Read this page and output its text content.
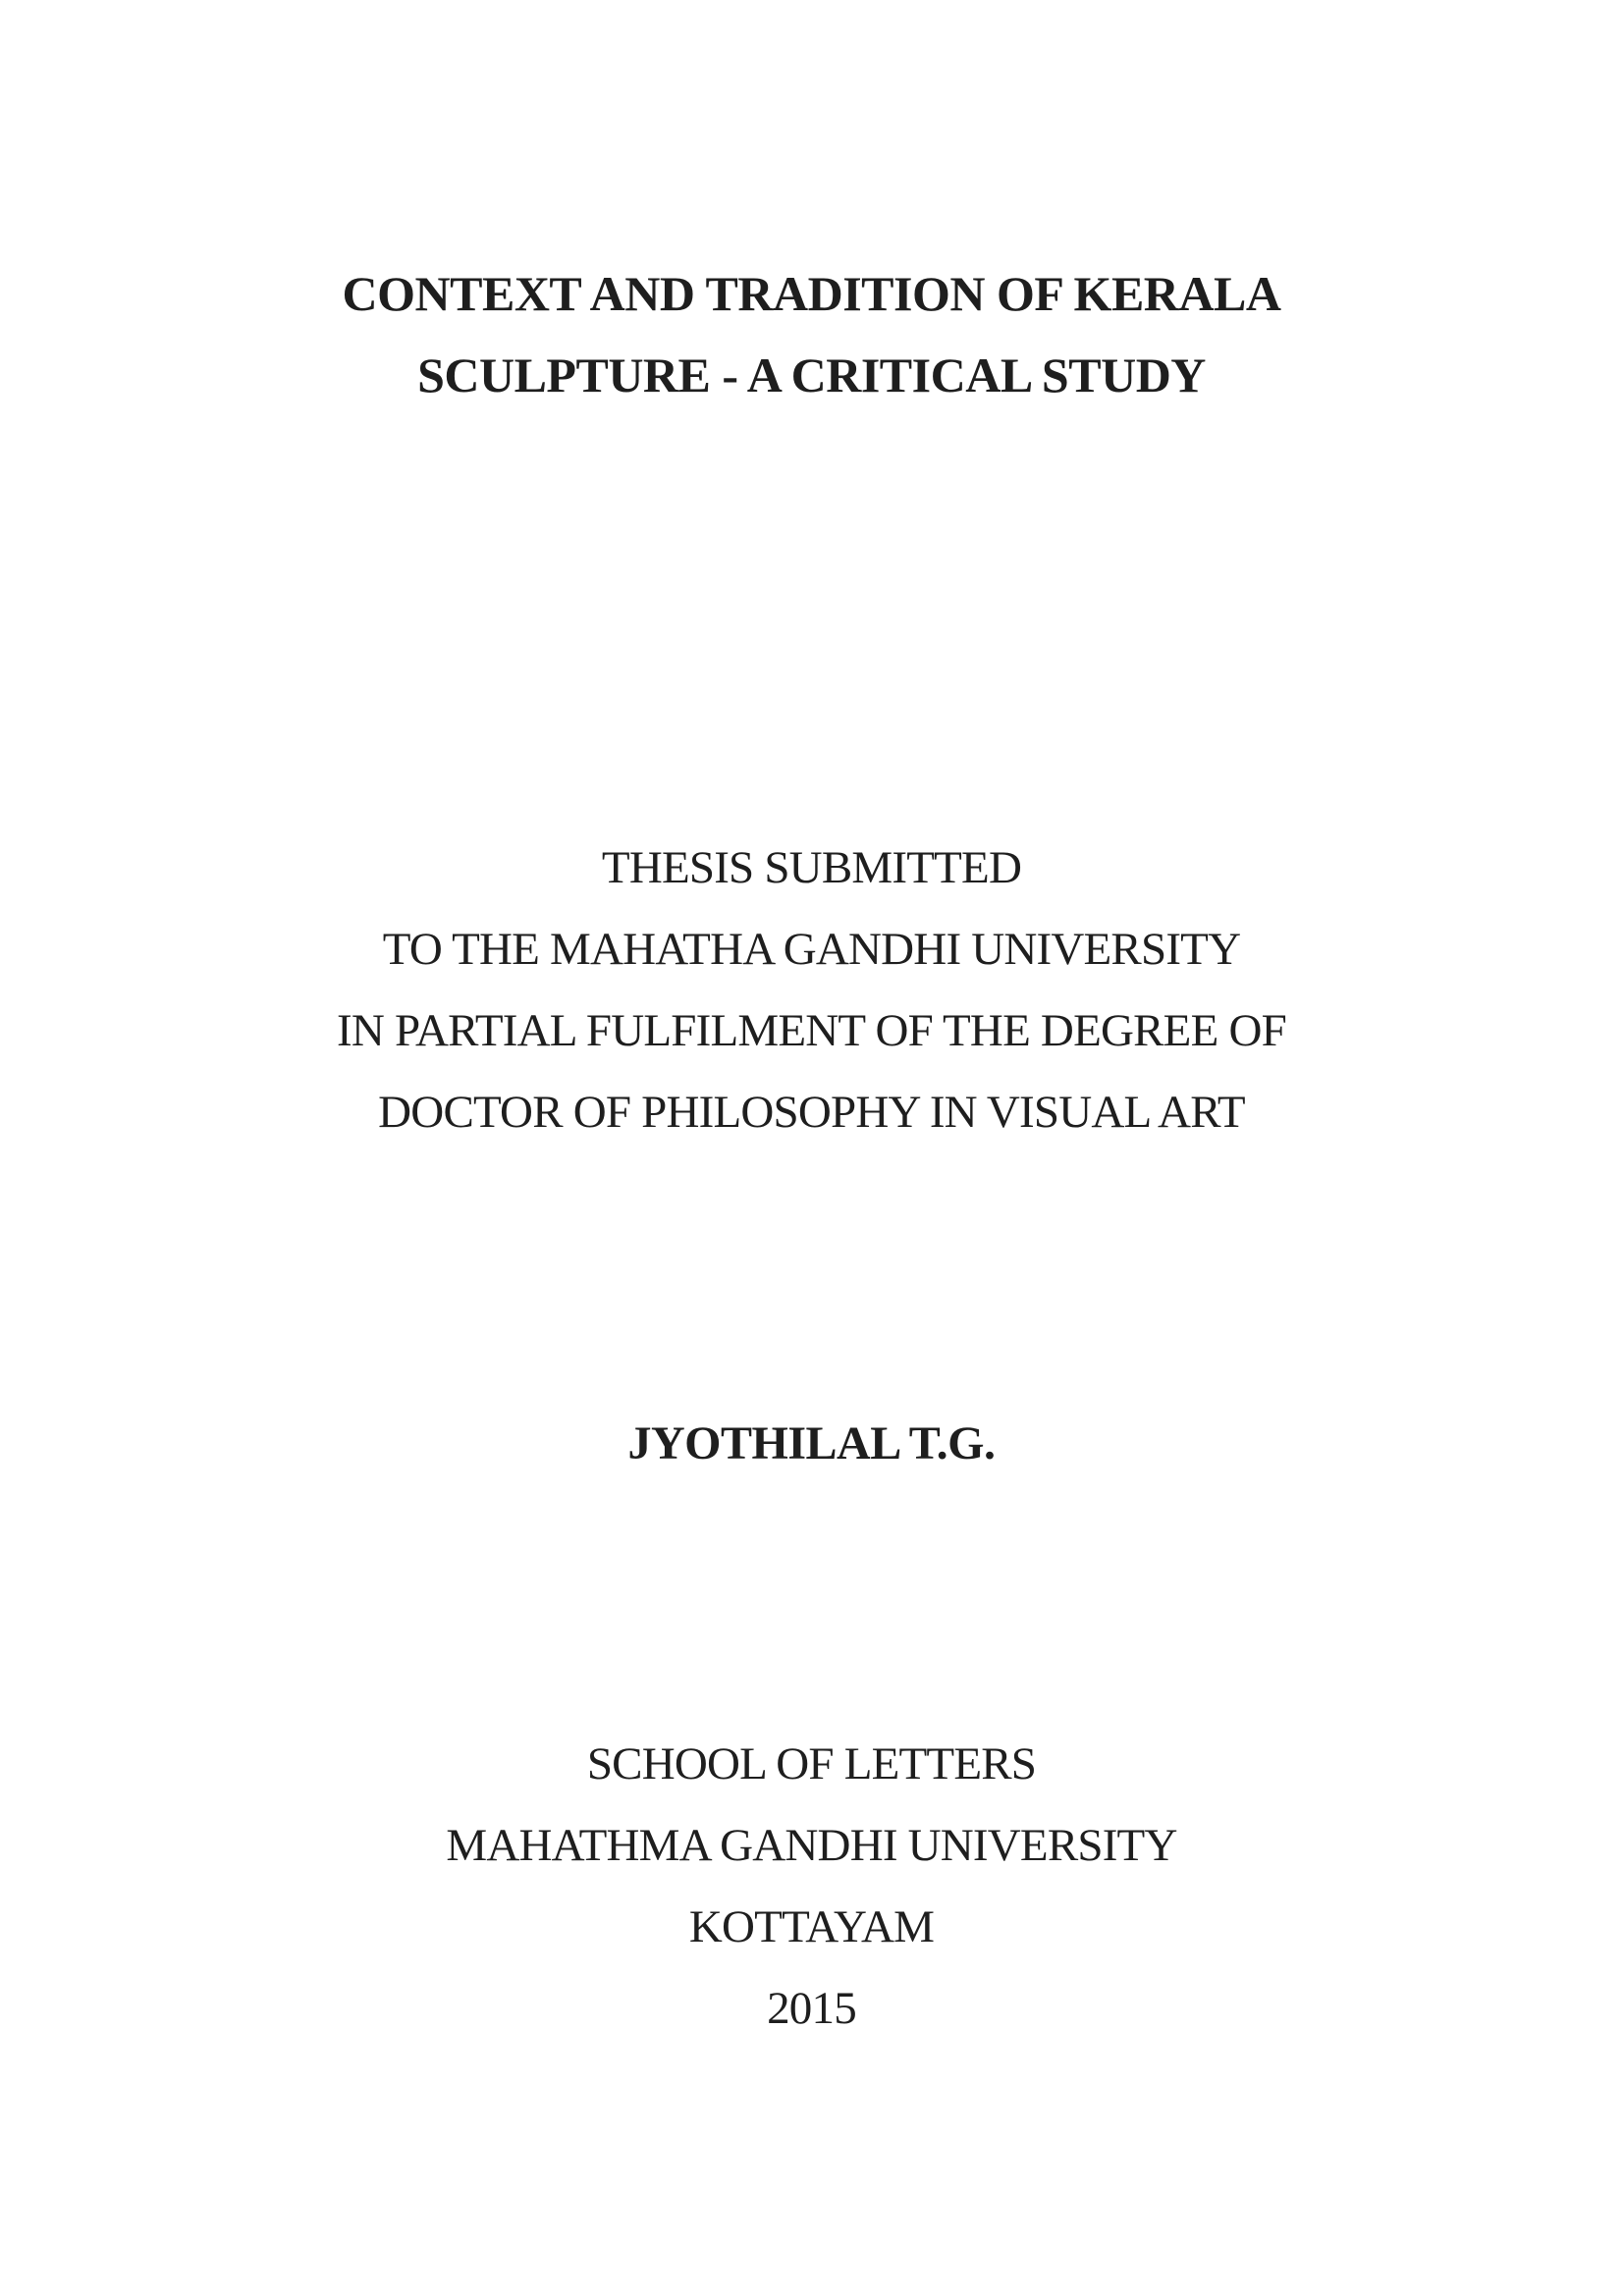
CONTEXT AND TRADITION OF KERALA
SCULPTURE - A CRITICAL STUDY
THESIS SUBMITTED
TO THE MAHATHA GANDHI UNIVERSITY
IN PARTIAL FULFILMENT OF THE DEGREE OF
DOCTOR OF PHILOSOPHY IN VISUAL ART
JYOTHILAL T.G.
SCHOOL OF LETTERS
MAHATHMA GANDHI UNIVERSITY
KOTTAYAM
2015
